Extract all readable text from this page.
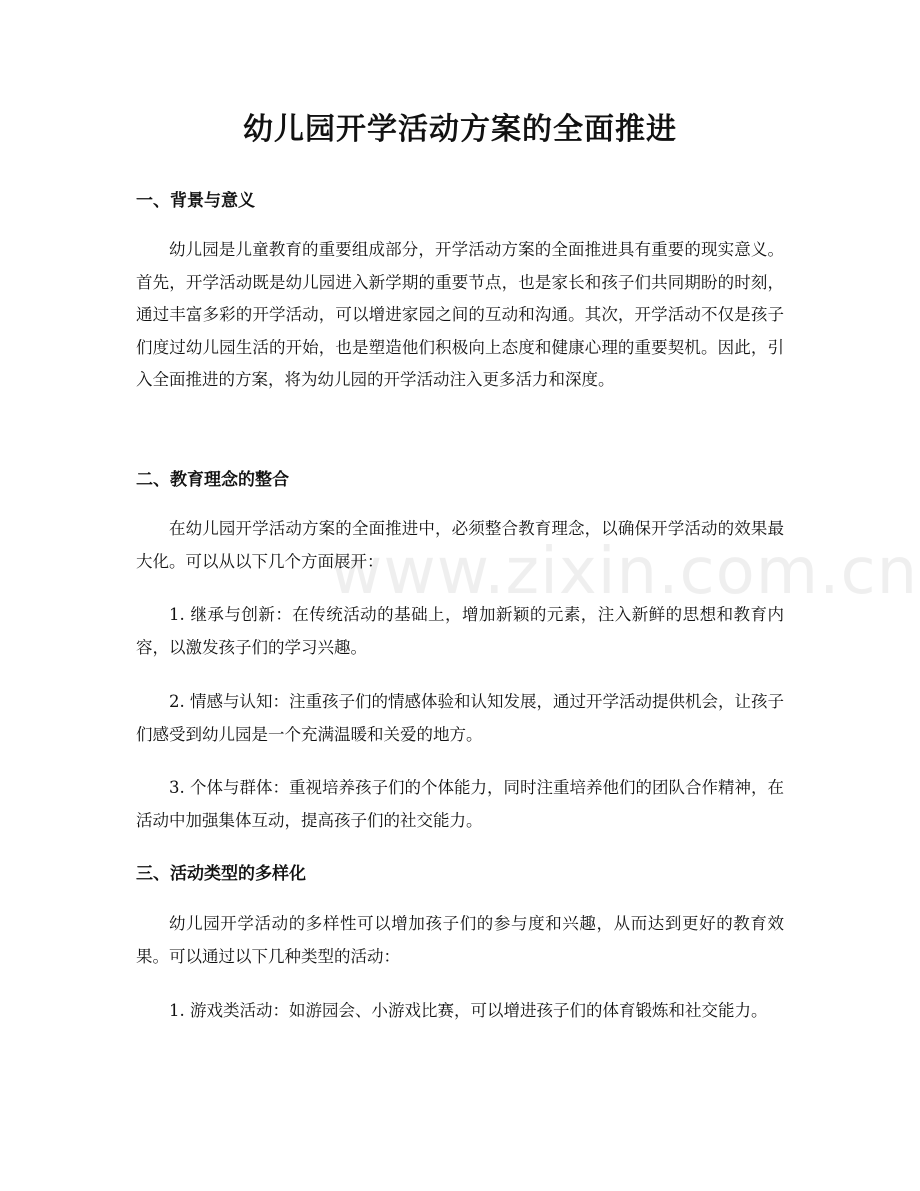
www.zixin.com.cn
幼儿园开学活动方案的全面推进
一、背景与意义

幼儿园是儿童教育的重要组成部分，开学活动方案的全面推进具有重要的现实意义。首先，开学活动既是幼儿园进入新学期的重要节点，也是家长和孩子们共同期盼的时刻，通过丰富多彩的开学活动，可以增进家园之间的互动和沟通。其次，开学活动不仅是孩子们度过幼儿园生活的开始，也是塑造他们积极向上态度和健康心理的重要契机。因此，引入全面推进的方案，将为幼儿园的开学活动注入更多活力和深度。

二、教育理念的整合

在幼儿园开学活动方案的全面推进中，必须整合教育理念，以确保开学活动的效果最大化。可以从以下几个方面展开：

1. 继承与创新：在传统活动的基础上，增加新颖的元素，注入新鲜的思想和教育内容，以激发孩子们的学习兴趣。

2. 情感与认知：注重孩子们的情感体验和认知发展，通过开学活动提供机会，让孩子们感受到幼儿园是一个充满温暖和关爱的地方。

3. 个体与群体：重视培养孩子们的个体能力，同时注重培养他们的团队合作精神，在活动中加强集体互动，提高孩子们的社交能力。

三、活动类型的多样化

幼儿园开学活动的多样性可以增加孩子们的参与度和兴趣，从而达到更好的教育效果。可以通过以下几种类型的活动：

1. 游戏类活动：如游园会、小游戏比赛，可以增进孩子们的体育锻炼和社交能力。
